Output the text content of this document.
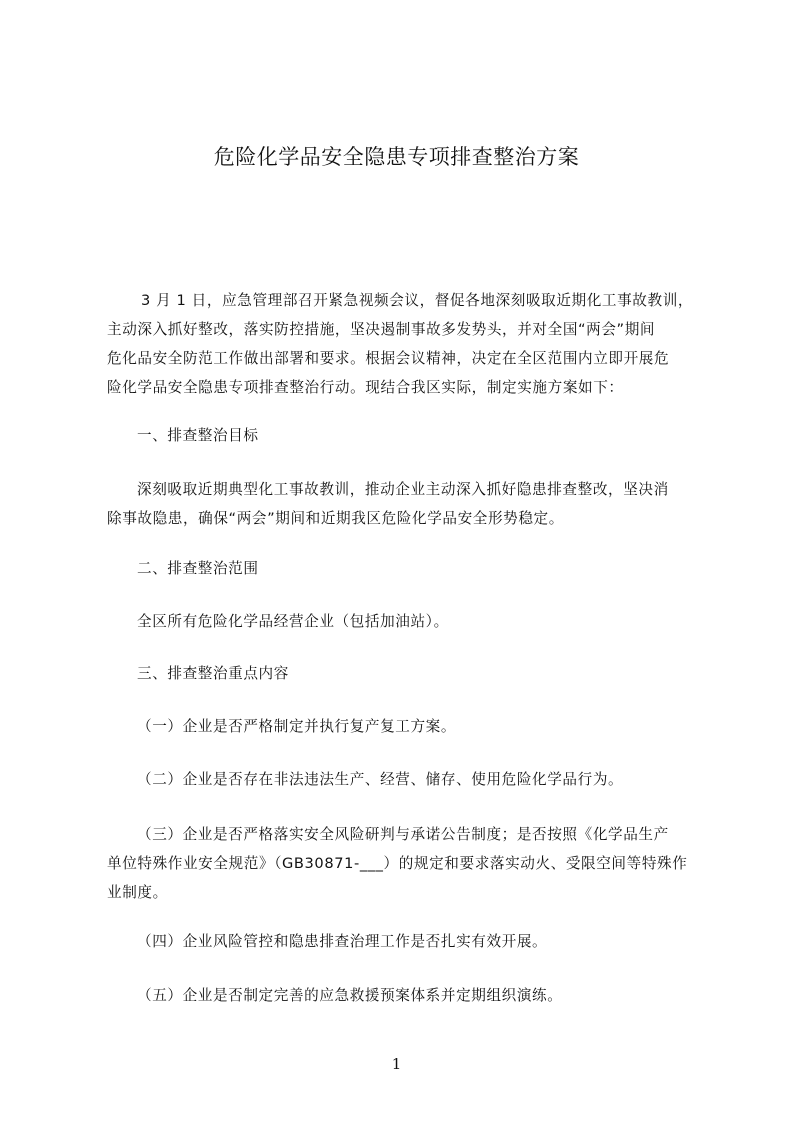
危险化学品安全隐患专项排查整治方案

3 月 1 日，应急管理部召开紧急视频会议，督促各地深刻吸取近期化工事故教训，
主动深入抓好整改，落实防控措施，坚决遏制事故多发势头，并对全国“两会”期间
危化品安全防范工作做出部署和要求。根据会议精神，决定在全区范围内立即开展危
险化学品安全隐患专项排查整治行动。现结合我区实际，制定实施方案如下：

一、排查整治目标

深刻吸取近期典型化工事故教训，推动企业主动深入抓好隐患排查整改，坚决消
除事故隐患，确保“两会”期间和近期我区危险化学品安全形势稳定。

二、排查整治范围

全区所有危险化学品经营企业（包括加油站）。

三、排查整治重点内容

（一）企业是否严格制定并执行复产复工方案。

（二）企业是否存在非法违法生产、经营、储存、使用危险化学品行为。

（三）企业是否严格落实安全风险研判与承诺公告制度；是否按照《化学品生产
单位特殊作业安全规范》（GB30871-___）的规定和要求落实动火、受限空间等特殊作
业制度。

（四）企业风险管控和隐患排查治理工作是否扎实有效开展。

（五）企业是否制定完善的应急救援预案体系并定期组织演练。

1
